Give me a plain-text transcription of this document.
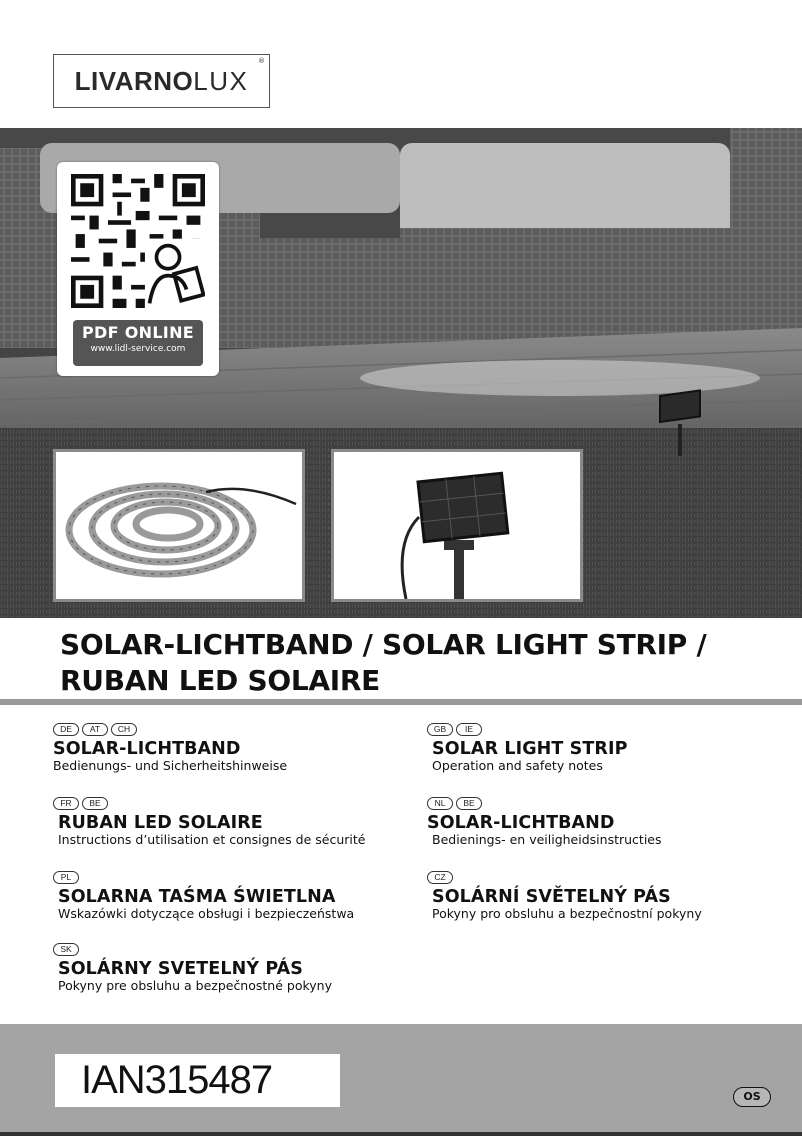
LIVARNOLUX
®
PDF ONLINE
www.lidl-service.com
SOLAR-LICHTBAND / SOLAR LIGHT STRIP /
RUBAN LED SOLAIRE
DE	AT	CH
SOLAR-LICHTBAND
Bedienungs- und Sicherheitshinweise
GB	IE
SOLAR LIGHT STRIP
Operation and safety notes
FR	BE
RUBAN LED SOLAIRE
Instructions d’utilisation et consignes de sécurité
NL	BE
SOLAR-LICHTBAND
Bedienings- en veiligheidsinstructies
PL
SOLARNA TAŚMA ŚWIETLNA
Wskazówki dotyczące obsługi i bezpieczeństwa
CZ
SOLÁRNÍ SVĚTELNÝ PÁS
Pokyny pro obsluhu a bezpečnostní pokyny
SK
SOLÁRNY SVETELNÝ PÁS
Pokyny pre obsluhu a bezpečnostné pokyny
IAN315487	OS
